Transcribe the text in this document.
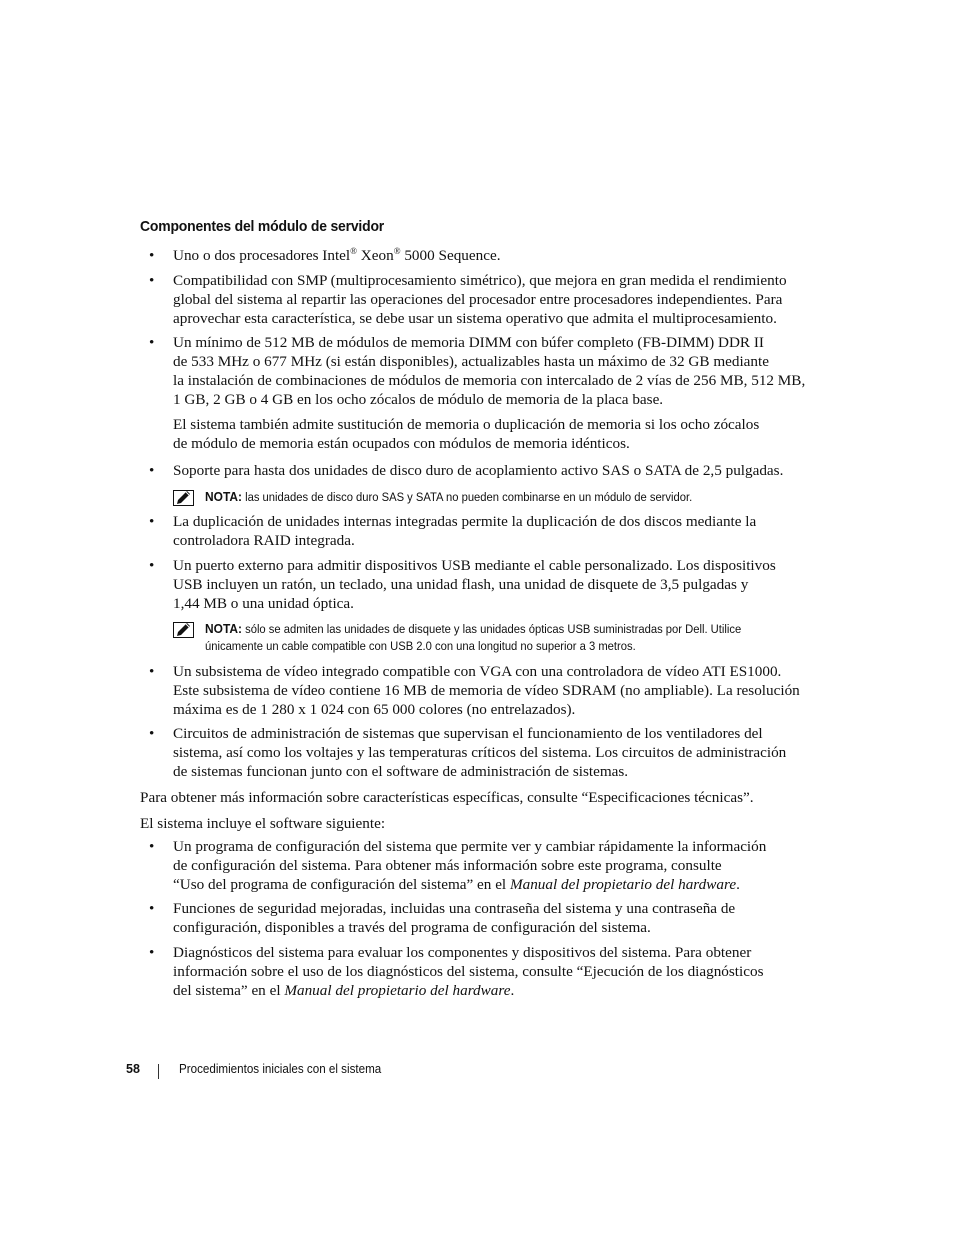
Componentes del módulo de servidor
• Uno o dos procesadores Intel® Xeon® 5000 Sequence.
• Compatibilidad con SMP (multiprocesamiento simétrico), que mejora en gran medida el rendimiento
global del sistema al repartir las operaciones del procesador entre procesadores independientes. Para
aprovechar esta característica, se debe usar un sistema operativo que admita el multiprocesamiento.
• Un mínimo de 512 MB de módulos de memoria DIMM con búfer completo (FB-DIMM) DDR II
de 533 MHz o 677 MHz (si están disponibles), actualizables hasta un máximo de 32 GB mediante
la instalación de combinaciones de módulos de memoria con intercalado de 2 vías de 256 MB, 512 MB,
1 GB, 2 GB o 4 GB en los ocho zócalos de módulo de memoria de la placa base.
El sistema también admite sustitución de memoria o duplicación de memoria si los ocho zócalos
de módulo de memoria están ocupados con módulos de memoria idénticos.
• Soporte para hasta dos unidades de disco duro de acoplamiento activo SAS o SATA de 2,5 pulgadas.
NOTA: las unidades de disco duro SAS y SATA no pueden combinarse en un módulo de servidor.
• La duplicación de unidades internas integradas permite la duplicación de dos discos mediante la
controladora RAID integrada.
• Un puerto externo para admitir dispositivos USB mediante el cable personalizado. Los dispositivos
USB incluyen un ratón, un teclado, una unidad flash, una unidad de disquete de 3,5 pulgadas y
1,44 MB o una unidad óptica.
NOTA: sólo se admiten las unidades de disquete y las unidades ópticas USB suministradas por Dell. Utilice
únicamente un cable compatible con USB 2.0 con una longitud no superior a 3 metros.
• Un subsistema de vídeo integrado compatible con VGA con una controladora de vídeo ATI ES1000.
Este subsistema de vídeo contiene 16 MB de memoria de vídeo SDRAM (no ampliable). La resolución
máxima es de 1 280 x 1 024 con 65 000 colores (no entrelazados).
• Circuitos de administración de sistemas que supervisan el funcionamiento de los ventiladores del
sistema, así como los voltajes y las temperaturas críticos del sistema. Los circuitos de administración
de sistemas funcionan junto con el software de administración de sistemas.
Para obtener más información sobre características específicas, consulte “Especificaciones técnicas”.
El sistema incluye el software siguiente:
• Un programa de configuración del sistema que permite ver y cambiar rápidamente la información
de configuración del sistema. Para obtener más información sobre este programa, consulte
“Uso del programa de configuración del sistema” en el Manual del propietario del hardware.
• Funciones de seguridad mejoradas, incluidas una contraseña del sistema y una contraseña de
configuración, disponibles a través del programa de configuración del sistema.
• Diagnósticos del sistema para evaluar los componentes y dispositivos del sistema. Para obtener
información sobre el uso de los diagnósticos del sistema, consulte “Ejecución de los diagnósticos
del sistema” en el Manual del propietario del hardware.
58	Procedimientos iniciales con el sistema
